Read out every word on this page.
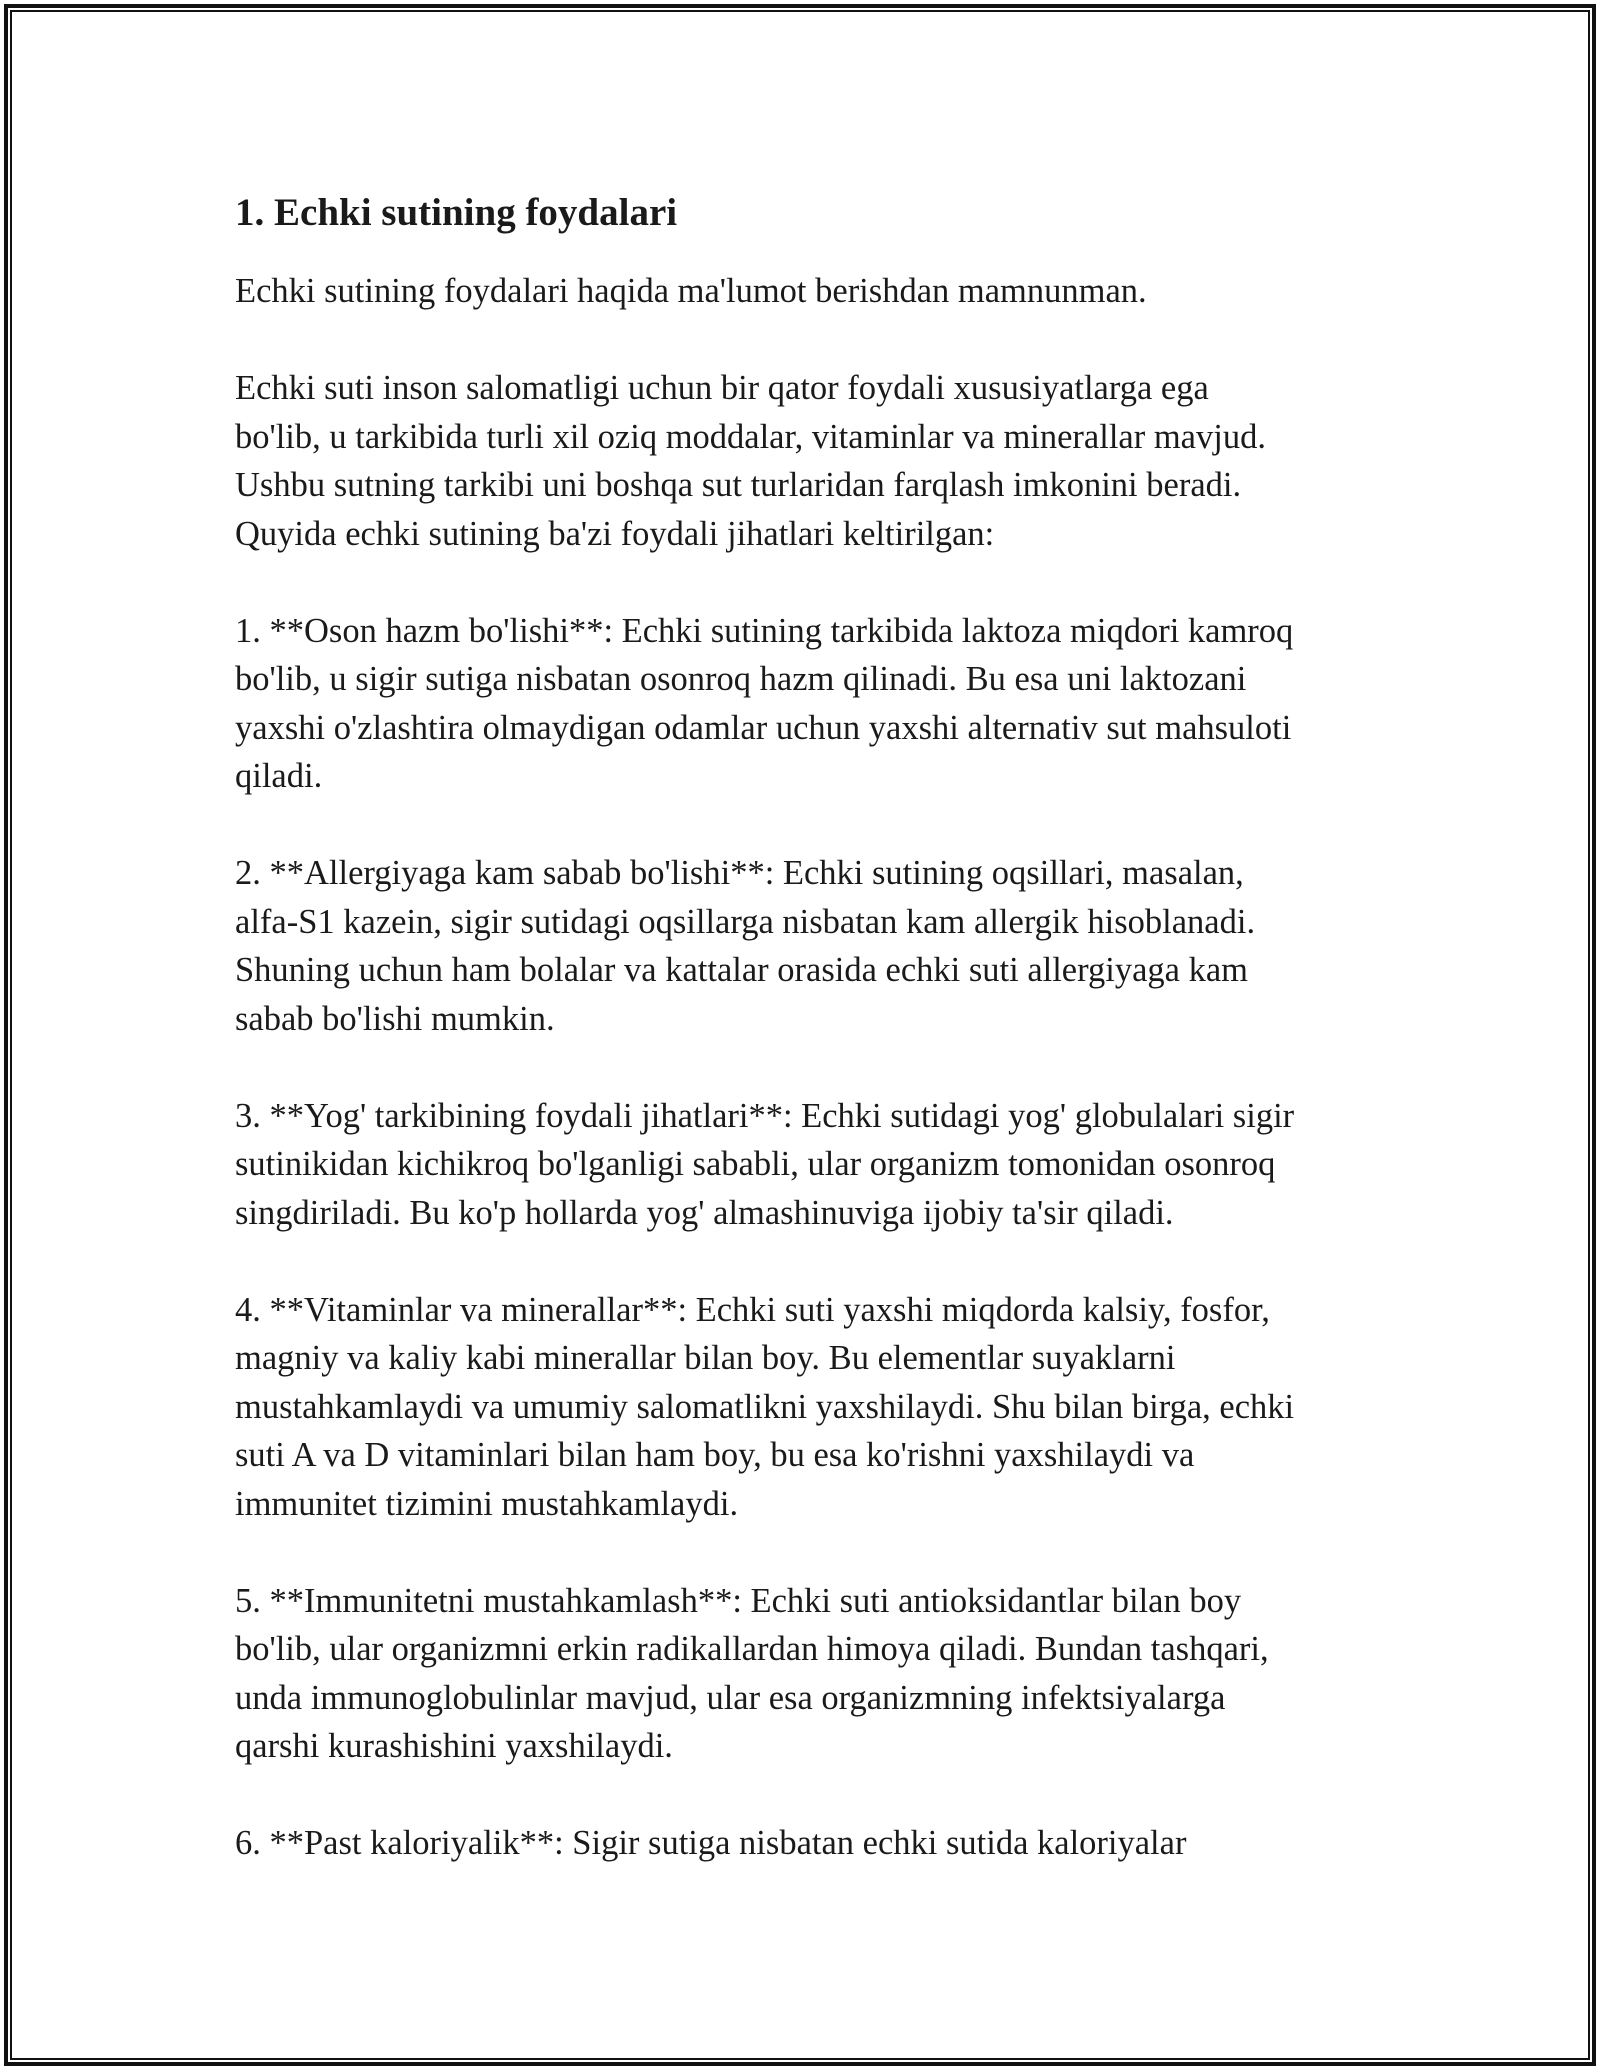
1. Echki sutining foydalari
Echki sutining foydalari haqida ma'lumot berishdan mamnunman.
Echki suti inson salomatligi uchun bir qator foydali xususiyatlarga ega
bo'lib, u tarkibida turli xil oziq moddalar, vitaminlar va minerallar mavjud.
Ushbu sutning tarkibi uni boshqa sut turlaridan farqlash imkonini beradi.
Quyida echki sutining ba'zi foydali jihatlari keltirilgan:
1. **Oson hazm bo'lishi**: Echki sutining tarkibida laktoza miqdori kamroq
bo'lib, u sigir sutiga nisbatan osonroq hazm qilinadi. Bu esa uni laktozani
yaxshi o'zlashtira olmaydigan odamlar uchun yaxshi alternativ sut mahsuloti
qiladi.
2. **Allergiyaga kam sabab bo'lishi**: Echki sutining oqsillari, masalan,
alfa-S1 kazein, sigir sutidagi oqsillarga nisbatan kam allergik hisoblanadi.
Shuning uchun ham bolalar va kattalar orasida echki suti allergiyaga kam
sabab bo'lishi mumkin.
3. **Yog' tarkibining foydali jihatlari**: Echki sutidagi yog' globulalari sigir
sutinikidan kichikroq bo'lganligi sababli, ular organizm tomonidan osonroq
singdiriladi. Bu ko'p hollarda yog' almashinuviga ijobiy ta'sir qiladi.
4. **Vitaminlar va minerallar**: Echki suti yaxshi miqdorda kalsiy, fosfor,
magniy va kaliy kabi minerallar bilan boy. Bu elementlar suyaklarni
mustahkamlaydi va umumiy salomatlikni yaxshilaydi. Shu bilan birga, echki
suti A va D vitaminlari bilan ham boy, bu esa ko'rishni yaxshilaydi va
immunitet tizimini mustahkamlaydi.
5. **Immunitetni mustahkamlash**: Echki suti antioksidantlar bilan boy
bo'lib, ular organizmni erkin radikallardan himoya qiladi. Bundan tashqari,
unda immunoglobulinlar mavjud, ular esa organizmning infektsiyalarga
qarshi kurashishini yaxshilaydi.
6. **Past kaloriyalik**: Sigir sutiga nisbatan echki sutida kaloriyalar
